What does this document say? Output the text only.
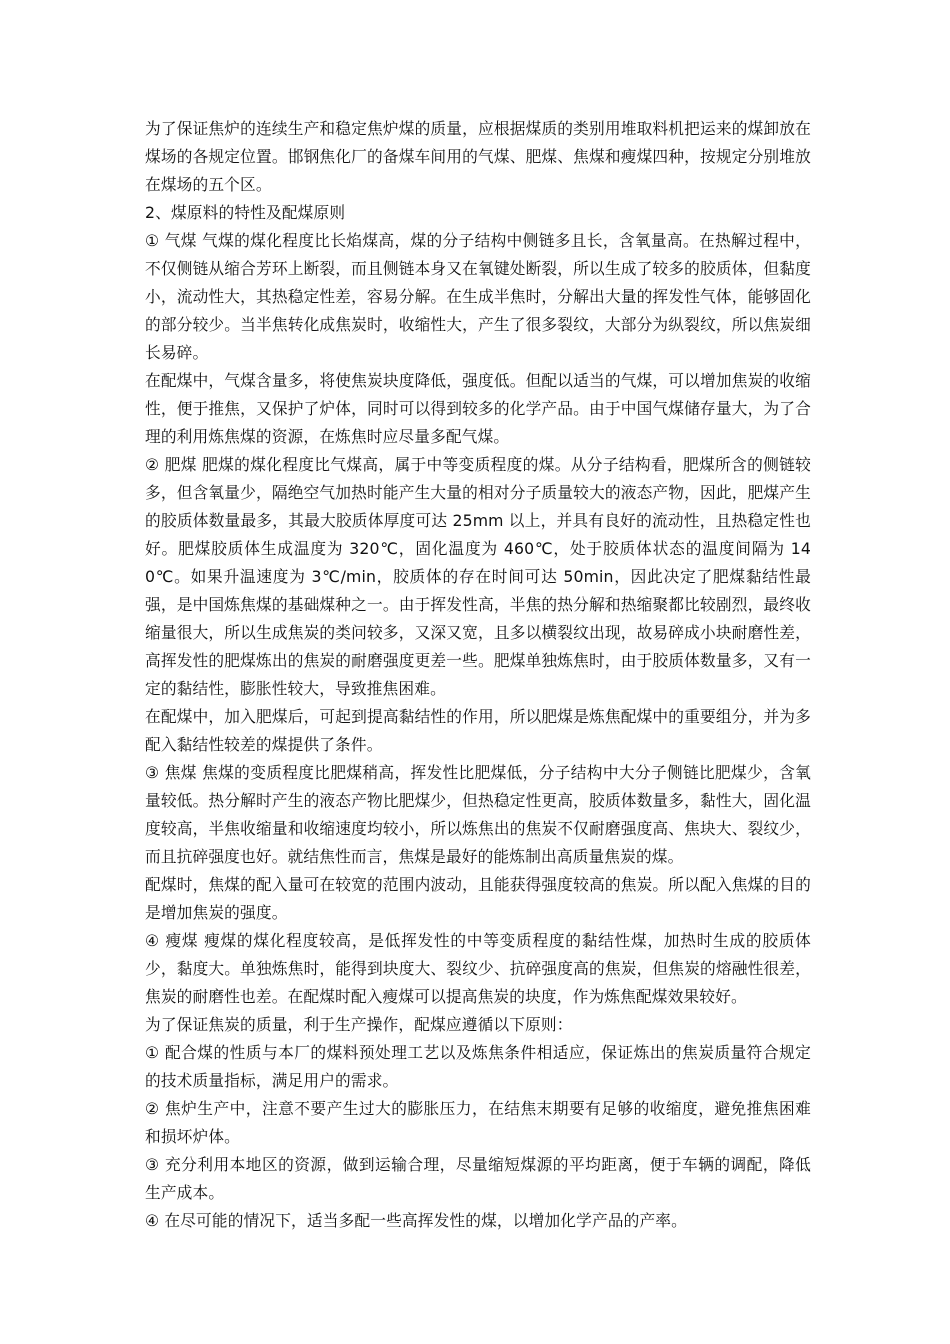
为了保证焦炉的连续生产和稳定焦炉煤的质量，应根据煤质的类别用堆取料机把运来的煤卸放在煤场的各规定位置。邯钢焦化厂的备煤车间用的气煤、肥煤、焦煤和瘦煤四种，按规定分别堆放在煤场的五个区。

2、煤原料的特性及配煤原则

① 气煤 气煤的煤化程度比长焰煤高，煤的分子结构中侧链多且长，含氧量高。在热解过程中，不仅侧链从缩合芳环上断裂，而且侧链本身又在氧键处断裂，所以生成了较多的胶质体，但黏度小，流动性大，其热稳定性差，容易分解。在生成半焦时，分解出大量的挥发性气体，能够固化的部分较少。当半焦转化成焦炭时，收缩性大，产生了很多裂纹，大部分为纵裂纹，所以焦炭细长易碎。

在配煤中，气煤含量多，将使焦炭块度降低，强度低。但配以适当的气煤，可以增加焦炭的收缩性，便于推焦，又保护了炉体，同时可以得到较多的化学产品。由于中国气煤储存量大，为了合理的利用炼焦煤的资源，在炼焦时应尽量多配气煤。

② 肥煤 肥煤的煤化程度比气煤高，属于中等变质程度的煤。从分子结构看，肥煤所含的侧链较多，但含氧量少，隔绝空气加热时能产生大量的相对分子质量较大的液态产物，因此，肥煤产生的胶质体数量最多，其最大胶质体厚度可达 25mm 以上，并具有良好的流动性，且热稳定性也好。肥煤胶质体生成温度为 320℃，固化温度为 460℃，处于胶质体状态的温度间隔为 140℃。如果升温速度为 3℃/min，胶质体的存在时间可达 50min，因此决定了肥煤黏结性最强，是中国炼焦煤的基础煤种之一。由于挥发性高，半焦的热分解和热缩聚都比较剧烈，最终收缩量很大，所以生成焦炭的类问较多，又深又宽，且多以横裂纹出现，故易碎成小块耐磨性差，高挥发性的肥煤炼出的焦炭的耐磨强度更差一些。肥煤单独炼焦时，由于胶质体数量多，又有一定的黏结性，膨胀性较大，导致推焦困难。

在配煤中，加入肥煤后，可起到提高黏结性的作用，所以肥煤是炼焦配煤中的重要组分，并为多配入黏结性较差的煤提供了条件。

③ 焦煤 焦煤的变质程度比肥煤稍高，挥发性比肥煤低，分子结构中大分子侧链比肥煤少，含氧量较低。热分解时产生的液态产物比肥煤少，但热稳定性更高，胶质体数量多，黏性大，固化温度较高，半焦收缩量和收缩速度均较小，所以炼焦出的焦炭不仅耐磨强度高、焦块大、裂纹少，而且抗碎强度也好。就结焦性而言，焦煤是最好的能炼制出高质量焦炭的煤。

配煤时，焦煤的配入量可在较宽的范围内波动，且能获得强度较高的焦炭。所以配入焦煤的目的是增加焦炭的强度。

④ 瘦煤 瘦煤的煤化程度较高，是低挥发性的中等变质程度的黏结性煤，加热时生成的胶质体少，黏度大。单独炼焦时，能得到块度大、裂纹少、抗碎强度高的焦炭，但焦炭的熔融性很差，焦炭的耐磨性也差。在配煤时配入瘦煤可以提高焦炭的块度，作为炼焦配煤效果较好。

为了保证焦炭的质量，利于生产操作，配煤应遵循以下原则：

① 配合煤的性质与本厂的煤料预处理工艺以及炼焦条件相适应，保证炼出的焦炭质量符合规定的技术质量指标，满足用户的需求。

② 焦炉生产中，注意不要产生过大的膨胀压力，在结焦末期要有足够的收缩度，避免推焦困难和损坏炉体。

③ 充分利用本地区的资源，做到运输合理，尽量缩短煤源的平均距离，便于车辆的调配，降低生产成本。

④ 在尽可能的情况下，适当多配一些高挥发性的煤，以增加化学产品的产率。
